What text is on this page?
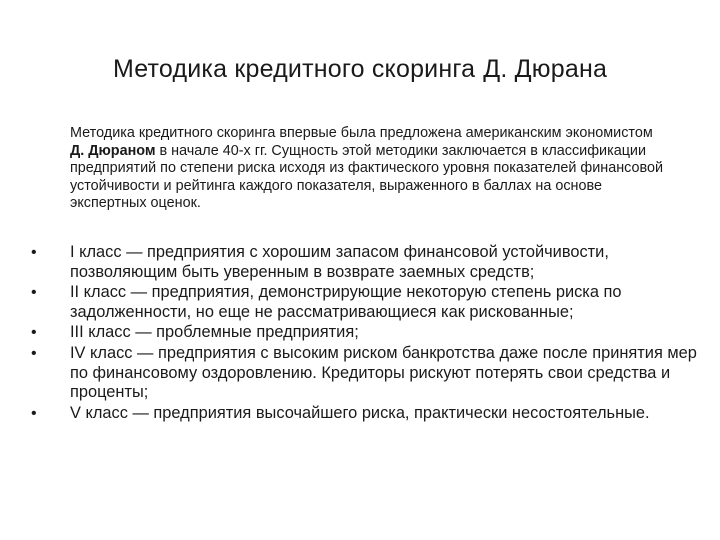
Методика кредитного скоринга Д. Дюрана

Методика кредитного скоринга впервые была предложена американским экономистом Д. Дюраном в начале 40-х гг. Сущность этой методики заключается в классификации предприятий по степени риска исходя из фактического уровня показателей финансовой устойчивости и рейтинга каждого показателя, выраженного в баллах на основе экспертных оценок.

• I класс — предприятия с хорошим запасом финансовой устойчивости, позволяющим быть уверенным в возврате заемных средств;
• II класс — предприятия, демонстрирующие некоторую степень риска по задолженности, но еще не рассматривающиеся как рискованные;
• III класс — проблемные предприятия;
• IV класс — предприятия с высоким риском банкротства даже после принятия мер по финансовому оздоровлению. Кредиторы рискуют потерять свои средства и проценты;
• V класс — предприятия высочайшего риска, практически несостоятельные.
